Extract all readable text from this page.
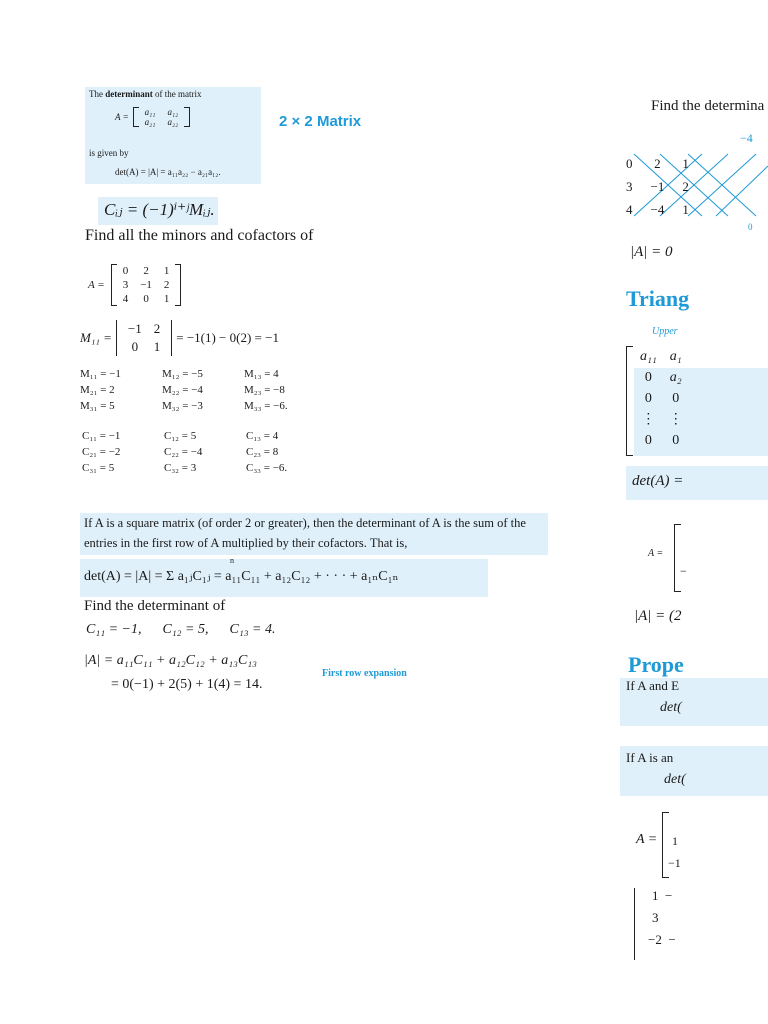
The determinant of the matrix
A = a₁₁	a₁₂
a₂₁	a₂₂
is given by
det(A) = |A| = a₁₁a₂₂ − a₂₁a₁₂.
2 × 2 Matrix
Cᵢⱼ = (−1)ⁱ⁺ʲMᵢⱼ.
Find all the minors and cofactors of
A =
0	2	1
3	−1	2
4	0	1
M₁₁ =
−1	2
0	1
= −1(1) − 0(2) = −1
M₁₁ = −1	M₁₂ = −5	M₁₃ = 4
M₂₁ = 2	M₂₂ = −4	M₂₃ = −8
M₃₁ = 5	M₃₂ = −3	M₃₃ = −6.
C₁₁ = −1	C₁₂ = 5	C₁₃ = 4
C₂₁ = −2	C₂₂ = −4	C₂₃ = 8
C₃₁ = 5	C₃₂ = 3	C₃₃ = −6.
If A is a square matrix (of order 2 or greater), then the determinant of A is the sum of the entries in the first row of A multiplied by their cofactors. That is,
n
det(A) = |A| = Σ a₁ⱼC₁ⱼ = a₁₁C₁₁ + a₁₂C₁₂ + · · · + a₁ₙC₁ₙ
Find the determinant of
C₁₁ = −1,      C₁₂ = 5,      C₁₃ = 4.
|A| = a₁₁C₁₁ + a₁₂C₁₂ + a₁₃C₁₃
= 0(−1) + 2(5) + 1(4) = 14.
First row expansion
Find the determina
−4
0	2	1
3	−1	2
4	−4	1
0
|A| = 0
Triang
Upper
a₁₁	a₁
0	a₂
0	0
⋮	⋮
0	0
det(A) =
A =
−
|A| = (2
Prope
If A and E
det(
If A is an
det(
A = 1
−1
1  −
3
−2  −
